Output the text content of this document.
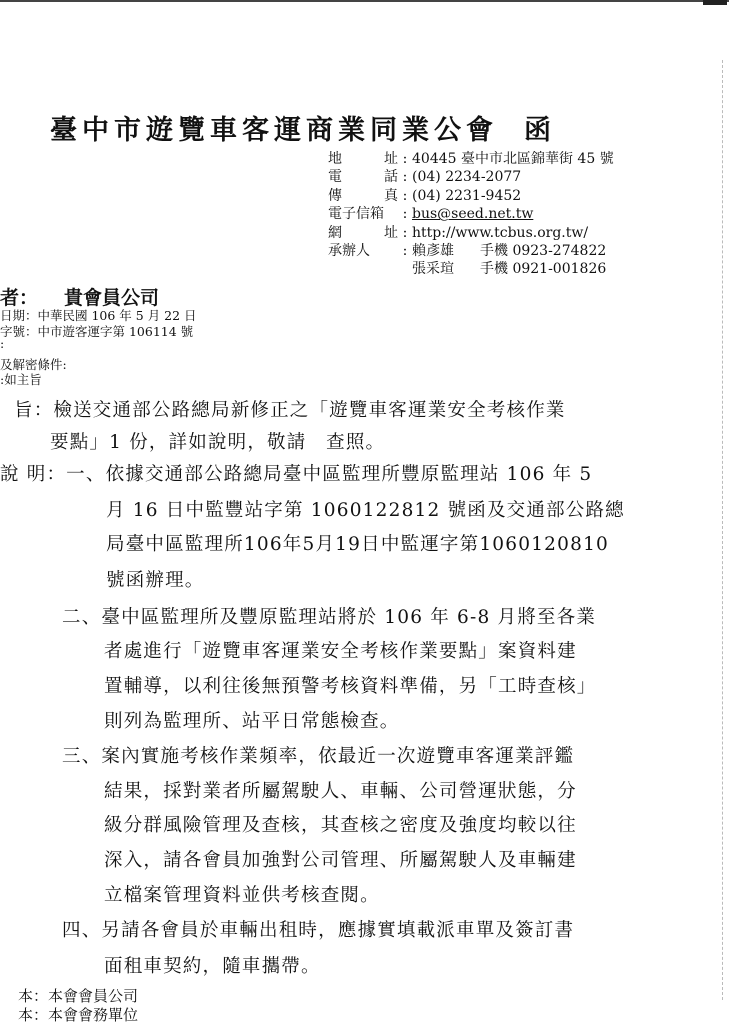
臺中市遊覽車客運商業同業公會 函
地	址 : 40445 臺中市北區錦華街 45 號
電	話 : (04) 2234-2077
傳	真 : (04) 2231-9452
電子信箱	: bus@seed.net.tw
網	址 : http://www.tcbus.org.tw/
承辦人	: 賴彥雄 手機 0923-274822
張采瑄 手機 0921-001826
者： 貴會員公司
日期：中華民國 106 年 5 月 22 日
字號：中市遊客運字第 106114 號
:
及解密條件:
:如主旨
旨：檢送交通部公路總局新修正之「遊覽車客運業安全考核作業
要點」1 份，詳如說明，敬請　查照。
說 明：一、依據交通部公路總局臺中區監理所豐原監理站 106 年 5
月 16 日中監豐站字第 1060122812 號函及交通部公路總
局臺中區監理所106年5月19日中監運字第1060120810
號函辦理。
二、臺中區監理所及豐原監理站將於 106 年 6-8 月將至各業
者處進行「遊覽車客運業安全考核作業要點」案資料建
置輔導，以利往後無預警考核資料準備，另「工時查核」
則列為監理所、站平日常態檢查。
三、案內實施考核作業頻率，依最近一次遊覽車客運業評鑑
結果，採對業者所屬駕駛人、車輛、公司營運狀態，分
級分群風險管理及查核，其查核之密度及強度均較以往
深入，請各會員加強對公司管理、所屬駕駛人及車輛建
立檔案管理資料並供考核查閱。
四、另請各會員於車輛出租時，應據實填載派車單及簽訂書
面租車契約，隨車攜帶。
本：本會會員公司
本：本會會務單位
